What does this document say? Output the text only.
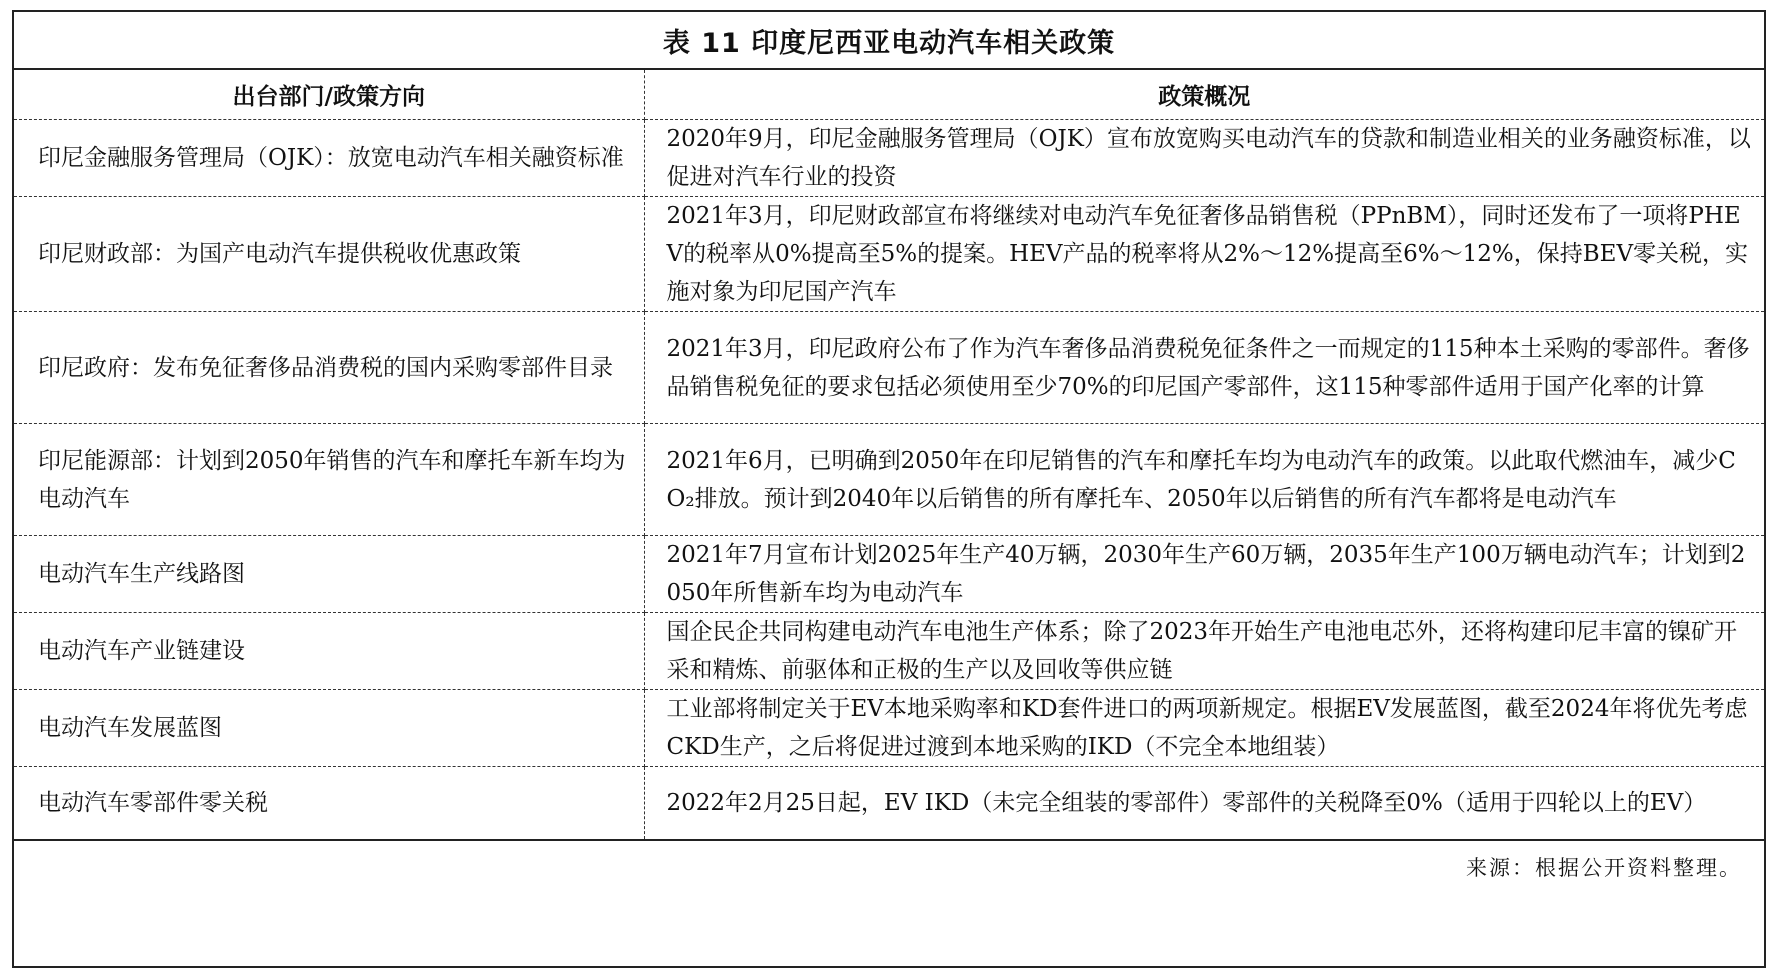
表 11 印度尼西亚电动汽车相关政策
出台部门/政策方向	政策概况
印尼金融服务管理局（OJK）：放宽电动汽车相关融资标准	2020年9月，印尼金融服务管理局（OJK）宣布放宽购买电动汽车的贷款和制造业相关的业务融资标准，以促进对汽车行业的投资
印尼财政部：为国产电动汽车提供税收优惠政策	2021年3月，印尼财政部宣布将继续对电动汽车免征奢侈品销售税（PPnBM），同时还发布了一项将PHEV的税率从0%提高至5%的提案。HEV产品的税率将从2%～12%提高至6%～12%，保持BEV零关税，实施对象为印尼国产汽车
印尼政府：发布免征奢侈品消费税的国内采购零部件目录	2021年3月，印尼政府公布了作为汽车奢侈品消费税免征条件之一而规定的115种本土采购的零部件。奢侈品销售税免征的要求包括必须使用至少70%的印尼国产零部件，这115种零部件适用于国产化率的计算
印尼能源部：计划到2050年销售的汽车和摩托车新车均为电动汽车	2021年6月，已明确到2050年在印尼销售的汽车和摩托车均为电动汽车的政策。以此取代燃油车，减少CO₂排放。预计到2040年以后销售的所有摩托车、2050年以后销售的所有汽车都将是电动汽车
电动汽车生产线路图	2021年7月宣布计划2025年生产40万辆，2030年生产60万辆，2035年生产100万辆电动汽车；计划到2050年所售新车均为电动汽车
电动汽车产业链建设	国企民企共同构建电动汽车电池生产体系；除了2023年开始生产电池电芯外，还将构建印尼丰富的镍矿开采和精炼、前驱体和正极的生产以及回收等供应链
电动汽车发展蓝图	工业部将制定关于EV本地采购率和KD套件进口的两项新规定。根据EV发展蓝图，截至2024年将优先考虑CKD生产，之后将促进过渡到本地采购的IKD（不完全本地组装）
电动汽车零部件零关税	2022年2月25日起，EV IKD（未完全组装的零部件）零部件的关税降至0%（适用于四轮以上的EV）
来源：根据公开资料整理。
